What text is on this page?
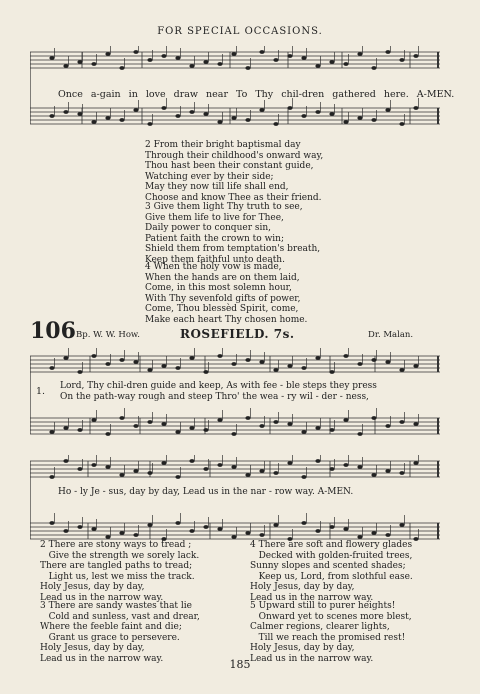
FOR SPECIAL OCCASIONS.
Once a-gain in love draw near To Thy chil-dren gathered here. A-MEN.
2 From their bright baptismal day
Through their childhood's onward way,
Thou hast been their constant guide,
Watching ever by their side;
May they now till life shall end,
Choose and know Thee as their friend.
3 Give them light Thy truth to see,
Give them life to live for Thee,
Daily power to conquer sin,
Patient faith the crown to win;
Shield them from temptation's breath,
Keep them faithful unto death.
4 When the holy vow is made,
When the hands are on them laid,
Come, in this most solemn hour,
With Thy sevenfold gifts of power,
Come, Thou blessèd Spirit, come,
Make each heart Thy chosen home.
106 Bp. W. W. How.	ROSEFIELD. 7s.	Dr. Malan.
1. Lord, Thy chil-dren guide and keep, As with fee - ble steps they press
On the path-way rough and steep Thro' the wea - ry wil - der - ness,
Ho - ly Je - sus, day by day, Lead us in the nar - row way. A-MEN.
2 There are stony ways to tread ;
Give the strength we sorely lack.
There are tangled paths to tread;
Light us, lest we miss the track.
Holy Jesus, day by day,
Lead us in the narrow way.
3 There are sandy wastes that lie
Cold and sunless, vast and drear,
Where the feeble faint and die;
Grant us grace to persevere.
Holy Jesus, day by day,
Lead us in the narrow way.
4 There are soft and flowery glades
Decked with golden-fruited trees,
Sunny slopes and scented shades;
Keep us, Lord, from slothful ease.
Holy Jesus, day by day,
Lead us in the narrow way.
5 Upward still to purer heights!
Onward yet to scenes more blest,
Calmer regions, clearer lights,
Till we reach the promised rest!
Holy Jesus, day by day,
Lead us in the narrow way.
185
